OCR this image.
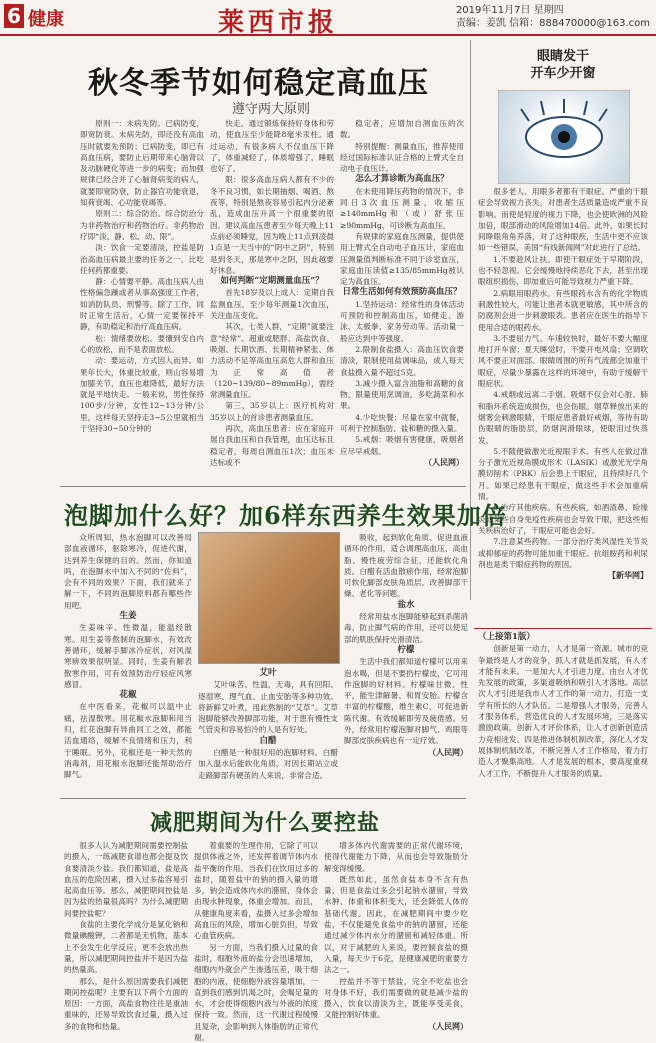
6 健康	莱西市报	2019年11月7日 星期四
责编：姜凯 信箱：888470000@163.com
秋冬季节如何稳定高血压
遵守两大原则

原则一：未病先防。已病防变，即宽防衰。未病先防，即还没有高血压时就要先预防；已病防变，即已有高血压病，要防止后期带来心脑肾以及动脉硬化等进一步的病变；而加强规律已经合并了心脑肾病变的病人，就要即宽防衰，防止器官功能衰退，知荷衰竭、心功能衰竭等。

原则二：综合防治。综合防治分为非药物治疗和药物治疗。非药物治疗即“淡、静、松、动、限”。

淡：饮食一定要清淡，控盐是防治高血压病最主要的任务之一，比吃任何药都重要。

静：心情要平静。高血压病人由性格偏急躁或者从事高强度工作者，如消防队员、刑警等。除了工作，同时正常生活后，心情一定要保持平静，有助稳定和治疗高血压病。

松：情绪要放松。要懂到安自内心的放松，而不是表面放松。

动：要运动，方式因人而异。如果年长大，体重比较重，则山容易增加膝关节，血压也难降低，最好方法就是平地快走。一般来说，男性保持100步/分钟，女性12~13分钟/公里，这样每天坚持走3~5公里就相当于坚持30~50分钟的

快走。通过锻炼保持好身体和劳动，使血压至少能降8毫米汞柱。通过运动，有很多病人不仅血压下降了，体重减轻了，体质增强了，睡眠也好了。

限：很多高血压病人都有不少的冬不良习惯，如长期抽烟、喝酒、熬夜等，特别是熬夜容易引起内分泌紊乱，造成血压升高一个很重要的原因。建议高血压患者至少每天晚上11点前必须睡觉，因为晚上11点到凌晨1点是一天当中的“阴中之阴”，特别是到冬天，那是寒中之阴，因此越要好休息。

如何判断“定期测量血压”？

首先18岁及以上成人：定期自我监测血压，至少每年测量1次血压，关注血压变化。

其次，七类人群，“定期”就要注意“经常”。超重或肥胖、高盐饮食、吸烟、长期饮酒、长期精神紧张、体力活动不足等高血压高危人群和血压为正常高值者（120~139/80~89mmHg），需经常测量血压。

第三，35岁以上：医疗机构对35岁以上的首诊患者测量血压。

再次，高血压患者：应在家庭开展自我血压和自我管理，血压达标且稳定者，每周自测血压1次；血压未达标或不

稳定者，应增加自测血压的次数。

特别提醒：测量血压，推荐使用经过国际标准认证合格的上臂式全自动电子血压计。

怎么才算诊断为高血压？

在未使用降压药物的情况下，非同日3次血压测量，收缩压≥140mmHg和（或）舒张压≥90mmHg，可诊断为高血压。

有规律的家庭血压测量，提供使用上臂式全自动电子血压计，家庭血压测量值判断标准不同于诊室血压，家庭血压读值≥135/85mmHg被认定为高血压。

日常生活如何有效预防高血压？

1.坚持运动：经常性的身体活动可预防和控制高血压，如健走、游泳、太极拳、家务劳动等。活动量一般应达到中等强度。

2.限制食盐摄入：高血压饮食要清淡，限制使用盐调味品，成人每天食盐摄入量不超过5克。

3.减少摄入富含油脂和高糖的食物，限量使用烹调油，多吃蔬菜和水果。

4.少吃快餐：尽量在家中就餐，可利于控制脂肪、盐和糖的摄入量。

5.戒烟：吸烟有害健康，吸烟者应尽早戒烟。

（人民网）

眼睛发干
开车少开窗

很多老人、用眼多者都有干眼症。严重的干眼症会导致视力丧失，对患者生活质量造成严重不良影响。而使是轻度的视力下降，也会使欧洲的风险加倍，眼部滑动的风险增加14倍。此外，如果长时间睁眼角角养落，对了这种眼疾，生活中更不应该如一些错误，美国“有线新闻网”对此进行了总结。

1.不要趁风让扶。即使干眼症处于早期阶段，也不轻忽视。它会缓慢地持续恶化下去，甚至出现眼组织损伤，即加重后可能导致视力严重下降。

2.病眼用眼药水。有些眼药水含有的化学物质刺激性较大，可能让患者本就更敏感，其中所含的防腐剂会进一步刺激眼表。患者应在医生的指导下使用合适的眼药水。

3.不要屈力气。车速较快时，最好不要大幅度地打开车窗；夏天睡觉时，不要开电风扇；空调吹风不要正对面部。眼睛周围的所有气流都会加重干眼症，尽量少暴露在这样的环境中，有助于缓解干眼症状。

4.戒烟或远离二手烟。吸烟不仅会对心脏、肺和脂环系统造成损伤，也会伤眼。烟草释放出来的烟雾会刺激眼睛，干眼症患者最好戒烟，等待有助伤眼睛的脂肪层，防烟润滑眼球，使眼泪过快蒸发。

5.不随便做激光近视眼手术。有些人在做过准分子激光近视角膜成形术（LASIK）或激光光学角膜切削术（PRK）后会患上干眼症，且持续好几个月。如果已经患有干眼症，做这些手术会加重病情。

6.治疗其他疾病。有些疾病，如酒渣鼻、睑缘炎或某些自身免疫性疾病也会导致干眼，把这些相关疾病治好了，干眼症可能也会好。

7.注意某些药物。一部分治疗类风湿性关节炎或抑郁症的药物可能加重干眼症。抗组胺药和利尿剂也是类干眼症药物的原因。

【新华网】

（上接第1版）

创新是第一动力，人才是第一资源。城市的竞争最终是人才的竞争，抓人才就是抓发展，有人才才能有未来。一是加大人才引进力度。由台人才优先发展的政策，多渠道吸纳和吸引人才落地。高层次人才引进是我市人才工作的第一动力，打造一支学有所长的人才队伍。二是增强人才服务，完善人才服务体系，营造优良的人才发展环境，三是落实激励政策，创新人才评价体系，让人才创新创造活力竞相迸发。四是推进体制机制改革，深化人才发展体制机制改革，不断完善人才工作格局，着力打造人才聚集高地。人才是发展的根本，要高度重视人才工作，不断提升人才服务的质量。

泡脚加什么好？加6样东西养生效果加倍

众所周知，热水泡脚可以改善局部血液循环，驱除寒冷，促进代谢，达到养生保健的目的。然而，你知道吗，在泡脚水中加入不同的“佐料”，会有不同的效果？下面，我们就来了解一下，不同的泡脚原料都有哪些作用吧。

生姜

生姜味辛、性微温，能温经散寒。用生姜等熬制的泡脚水，有效改善循环，缓解手脚冰冷症状，对风湿寒痹效果很明显。同时，生姜有解表散寒作用，可有效预防治疗轻症风寒感冒。

花椒

在中医看来，花椒可以温中止痛，祛湿散寒。用花椒水泡脚和用当归，红花泡脚有异曲同工之效，都能活血通络，缓解不良情绪和压力，利于睡眠。另外，花椒还是一种天然的消毒剂，用花椒水泡脚还能帮助治疗脚气。

艾叶

艾叶味苦、性温，无毒，具有回阳、逐湿寒、理气血、止血安胎等多种功效。将新鲜艾叶煮，用此熬制的“艾草”。艾草泡脚能够改善脚部功能，对于患有慢性支气管炎和容易怕冷的人是有好处。

白醋

白醋是一种很好用的泡脚材料。白醋加入温水后能软化角质，对因长期站立或走路脚部有硬茧的人来说，非常合适。

吸收，起到软化角质、促进血液循环的作用，适合调理高血压、高血脂、慢性疲劳综合征，还能软化角质。白醋有活血散瘀作用，经常泡脚可软化脚部皮肤角质层，改善脚部干燥、老化等问题。

盐水

经常用盐水泡脚能够起到杀菌消毒、防止脚气病的作用，还可以使足部的肌肤保持光滑清洁。

柠檬

生活中我们都知道柠檬可以用来泡水喝，但是不要扔柠檬皮，它可用作泡脚的好材料。柠檬味甘微、性平，能生津解暑、和胃安胎。柠檬含丰富的柠檬酸，维生素C，可促进新陈代谢。有效缓解即劳及疲倦感。另外，经常用柠檬泡脚对脚气、鸡眼等脚部皮肤疾病也有一定疗效。

（人民网）

减肥期间为什么要控盐

很多人认为减肥期间需要控制盐的摄入，一练减肥食谱也都会提及饮食要清淡少盐。我们都知道，盐是高血压的危险因素，摄入过多盐容易引起高血压等。那么，减肥期间控盐是因为盐的热量很高吗？为什么减肥期间要控盐呢？

食盐的主要化学成分是氯化钠和微量碘酸钾，二者都是无机物，基本上不会发生化学反应，更不会放出热量，所以减肥期间控盐并不是因为盐的热量高。

那么，是什么原因需要我们减肥期间控盐呢？主要有以下两个方面的原因：一方面，高盐食物往往是重油重味的，还易导致饮食过量，摄入过多的食物和热量。

着重要的生理作用，它除了可以提供体液之外，还发挥着调节体内水盐平衡的作用。当我们在饮用过多的盐时，随着盐中的钠的摄入量的增多，钠会造成体内水的潴留，身体会由现水肿现象，体重会增加。而且，从健康角度来看，盐摄入过多会增加高血压的风险，增加心脏负担，导致心血管疾病。

另一方面，当我们摄入过量的食盐时，细胞外液的盐分会迅速增加，细胞内外就会产生渗透压差，吸干细胞的内液，使细胞外液容量增加，一直到我们感到饥渴之时，会喝足量的水，才会使得细胞内液与外液的浓度保持一致。然而，这一代谢过程缓慢且复杂，会影响到人体脂肪的正常代谢。

增多体内代谢需要的正常代谢环境，使得代谢能力下降，从而也会导致脂肪分解变得缓慢。

既然如此，虽然食盐本身不含有热量，但是食盐过多会引起钠水潴留，导致水肿、体重和体积变大，还会降低人体的基础代谢。因此，在减肥期间中要少吃盐，不仅能避免食盐中的钠的潴留，还能通过减少体内水分的潴留和减轻体重。所以，对于减肥的人来说，要控制食盐的摄入量，每天少于6克，是健康减肥的重要方法之一。

控盐并不等于禁盐，完全不吃盐也会对身体不好，我们需要做的就是减少盐的摄入，饮食以清淡为主，既能享受美食，又能控制好体重。

（人民网）
